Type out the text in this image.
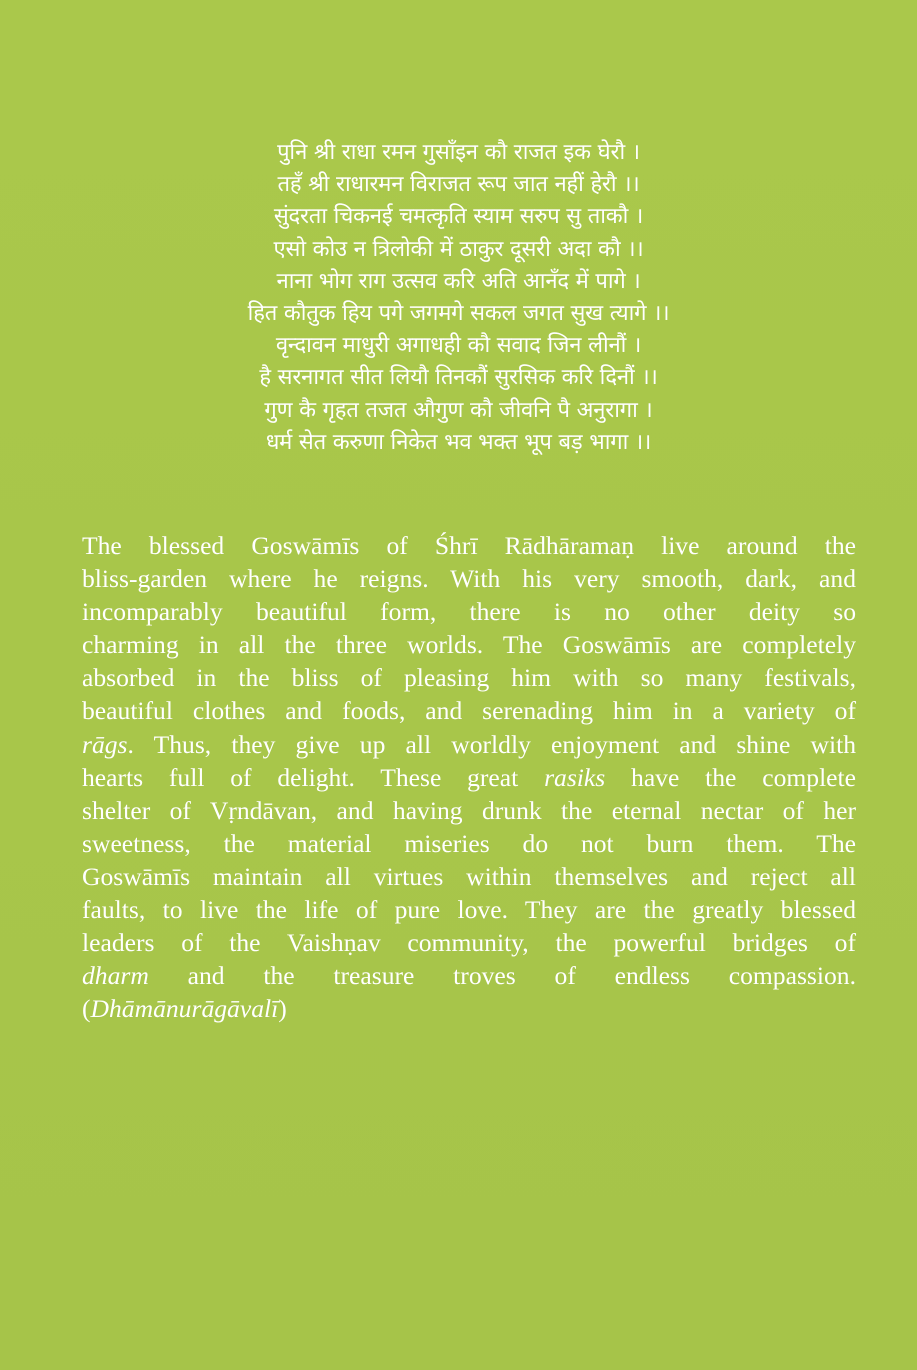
पुनि श्री राधा रमन गुसाँइन कौ राजत इक घेरौ ।
तहँ श्री राधारमन विराजत रूप जात नहीं हेरौ ।।
सुंदरता चिकनई चमत्कृति स्याम सरुप सु ताकौ ।
एसो कोउ न त्रिलोकी में ठाकुर दूसरी अदा कौ ।।
नाना भोग राग उत्सव करि अति आनँद में पागे ।
हित कौतुक हिय पगे जगमगे सकल जगत सुख त्यागे ।।
वृन्दावन माधुरी अगाधही कौ सवाद जिन लीनौं ।
है सरनागत सीत लियौ तिनकौं सुरसिक करि दिनौं ।।
गुण कै गृहत तजत औगुण कौ जीवनि पै अनुरागा ।
धर्म सेत करुणा निकेत भव भक्त भूप बड़ भागा ।।
The blessed Goswāmīs of Śhrī Rādhāramaṇ live around the
bliss-garden where he reigns. With his very smooth, dark, and
incomparably beautiful form, there is no other deity so
charming in all the three worlds. The Goswāmīs are completely
absorbed in the bliss of pleasing him with so many festivals,
beautiful clothes and foods, and serenading him in a variety of
rāgs. Thus, they give up all worldly enjoyment and shine with
hearts full of delight. These great rasiks have the complete
shelter of Vṛndāvan, and having drunk the eternal nectar of her
sweetness, the material miseries do not burn them. The
Goswāmīs maintain all virtues within themselves and reject all
faults, to live the life of pure love. They are the greatly blessed
leaders of the Vaishṇav community, the powerful bridges of
dharm and the treasure troves of endless compassion.
(Dhāmānurāgāvalī)
